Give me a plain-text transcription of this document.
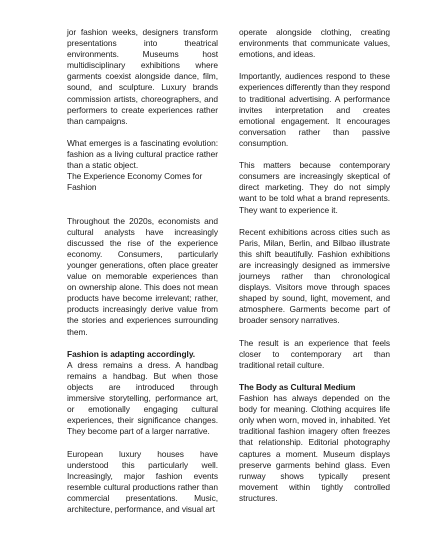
jor fashion weeks, designers transform presentations into theatrical environments. Museums host multidisciplinary exhibitions where garments coexist alongside dance, film, sound, and sculpture. Luxury brands commission artists, choreographers, and performers to create experiences rather than campaigns.

What emerges is a fascinating evolution: fashion as a living cultural practice rather than a static object.

The Experience Economy Comes for Fashion

Throughout the 2020s, economists and cultural analysts have increasingly discussed the rise of the experience economy. Consumers, particularly younger generations, often place greater value on memorable experiences than on ownership alone. This does not mean products have become irrelevant; rather, products increasingly derive value from the stories and experiences surrounding them.

Fashion is adapting accordingly.

A dress remains a dress. A handbag remains a handbag. But when those objects are introduced through immersive storytelling, performance art, or emotionally engaging cultural experiences, their significance changes. They become part of a larger narrative.

European luxury houses have understood this particularly well. Increasingly, major fashion events resemble cultural productions rather than commercial presentations. Music, architecture, performance, and visual art

operate alongside clothing, creating environments that communicate values, emotions, and ideas.

Importantly, audiences respond to these experiences differently than they respond to traditional advertising. A performance invites interpretation and creates emotional engagement. It encourages conversation rather than passive consumption.

This matters because contemporary consumers are increasingly skeptical of direct marketing. They do not simply want to be told what a brand represents. They want to experience it.

Recent exhibitions across cities such as Paris, Milan, Berlin, and Bilbao illustrate this shift beautifully. Fashion exhibitions are increasingly designed as immersive journeys rather than chronological displays. Visitors move through spaces shaped by sound, light, movement, and atmosphere. Garments become part of broader sensory narratives.

The result is an experience that feels closer to contemporary art than traditional retail culture.

The Body as Cultural Medium

Fashion has always depended on the body for meaning. Clothing acquires life only when worn, moved in, inhabited. Yet traditional fashion imagery often freezes that relationship. Editorial photography captures a moment. Museum displays preserve garments behind glass. Even runway shows typically present movement within tightly controlled structures.
